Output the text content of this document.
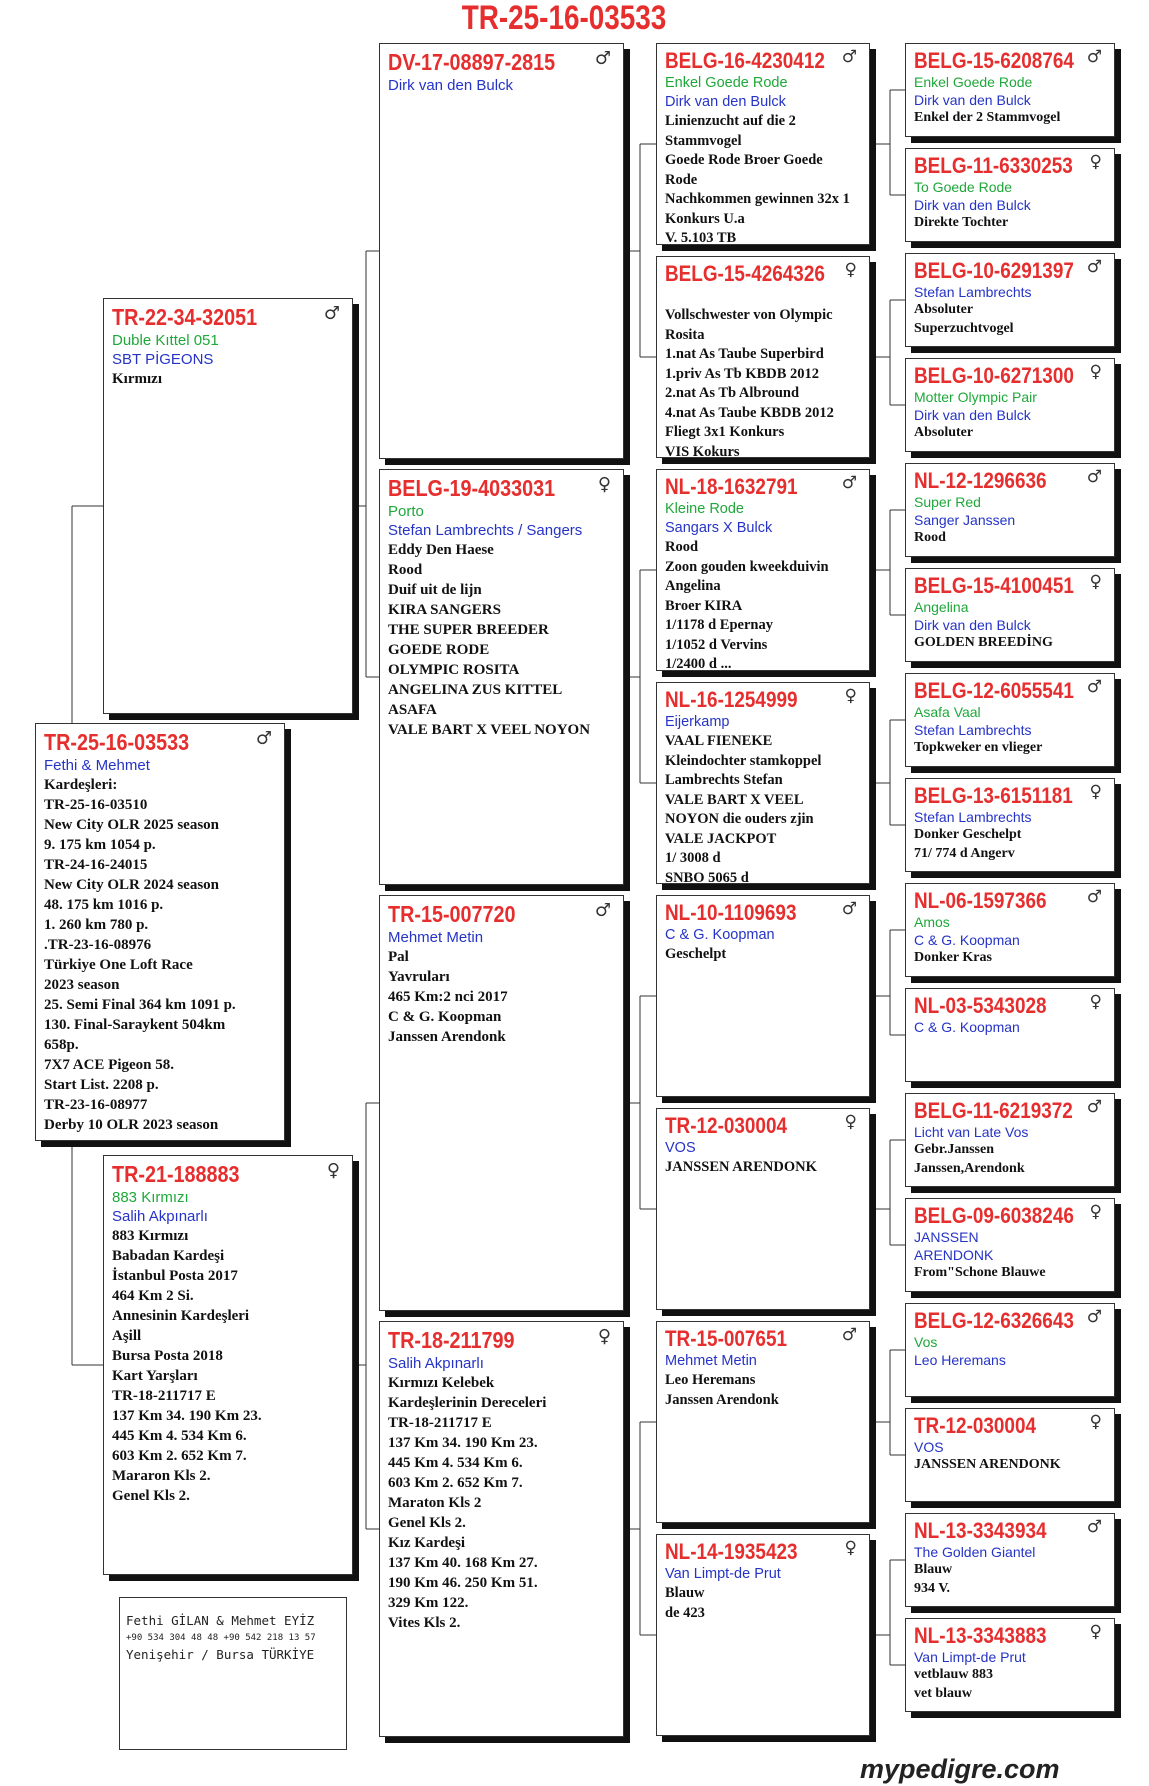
TR-25-16-03533
BELG-15-6208764 ♂
Enkel Goede Rode
Dirk van den Bulck
Enkel der 2 Stammvogel
BELG-11-6330253 ♀
To Goede Rode
Dirk van den Bulck
Direkte Tochter
BELG-10-6291397 ♂
Stefan Lambrechts
Absoluter
Superzuchtvogel
BELG-10-6271300 ♀
Motter Olympic Pair
Dirk van den Bulck
Absoluter
NL-12-1296636	♂
Super Red
Sanger Janssen
Rood
BELG-15-4100451 ♀
Angelina
Dirk van den Bulck
GOLDEN BREEDİNG
BELG-12-6055541 ♂
Asafa Vaal
Stefan Lambrechts
Topkweker en vlieger
BELG-13-6151181 ♀
Stefan Lambrechts
Donker Geschelpt
71/ 774 d Angerv
NL-06-1597366	♂
Amos
C & G. Koopman
Donker Kras
NL-03-5343028	♀
C & G. Koopman
BELG-11-6219372 ♂
Licht van Late Vos
Gebr.Janssen
Janssen,Arendonk
BELG-09-6038246 ♀
JANSSEN
ARENDONK
From"Schone Blauwe
BELG-12-6326643 ♂
Vos
Leo Heremans
TR-12-030004	♀
VOS
JANSSEN ARENDONK
NL-13-3343934	♂
The Golden Giantel
Blauw
934 V.
NL-13-3343883	♀
Van Limpt-de Prut
vetblauw 883
vet blauw
BELG-16-4230412 ♂
Enkel Goede Rode
Dirk van den Bulck
Linienzucht auf die 2
Stammvogel
Goede Rode Broer Goede
Rode
Nachkommen gewinnen 32x 1
Konkurs U.a
V. 5.103 TB
BELG-15-4264326	♀
Vollschwester von Olympic
Rosita
1.nat As Taube Superbird
1.priv As Tb KBDB 2012
2.nat As Tb Albround
4.nat As Taube KBDB 2012
Fliegt 3x1 Konkurs
VIS Kokurs
NL-18-1632791	♂
Kleine Rode
Sangars X Bulck
Rood
Zoon gouden kweekduivin
Angelina
Broer KIRA
1/1178 d Epernay
1/1052 d Vervins
1/2400 d ...
NL-16-1254999	♀
Eijerkamp
VAAL FIENEKE
Kleindochter stamkoppel
Lambrechts Stefan
VALE BART X VEEL
NOYON die ouders zjin
VALE JACKPOT
1/ 3008 d
SNBO 5065 d
NL-10-1109693	♂
C & G. Koopman
Geschelpt
TR-12-030004	♀
VOS
JANSSEN ARENDONK
TR-15-007651	♂
Mehmet Metin
Leo Heremans
Janssen Arendonk
NL-14-1935423	♀
Van Limpt-de Prut
Blauw
de 423
DV-17-08897-2815	♂
Dirk van den Bulck
BELG-19-4033031	♀
Porto
Stefan Lambrechts / Sangers
Eddy Den Haese
Rood
Duif uit de lijn
KIRA SANGERS
THE SUPER BREEDER
GOEDE RODE
OLYMPIC ROSITA
ANGELINA ZUS KITTEL
ASAFA
VALE BART X VEEL NOYON
TR-15-007720	♂
Mehmet Metin
Pal
Yavruları
465 Km:2 nci 2017
C & G. Koopman
Janssen Arendonk
TR-18-211799	♀
Salih Akpınarlı
Kırmızı Kelebek
Kardeşlerinin Dereceleri
TR-18-211717 E
137 Km 34. 190 Km 23.
445 Km 4. 534 Km 6.
603 Km 2. 652 Km 7.
Maraton Kls 2
Genel Kls 2.
Kız Kardeşi
137 Km 40. 168 Km 27.
190 Km 46. 250 Km 51.
329 Km 122.
Vites Kls 2.
TR-22-34-32051	♂
Duble Kıttel 051
SBT PİGEONS
Kırmızı
TR-21-188883	♀
883 Kırmızı
Salih Akpınarlı
883 Kırmızı
Babadan Kardeşi
İstanbul Posta 2017
464 Km 2 Si.
Annesinin Kardeşleri
Aşill
Bursa Posta 2018
Kart Yarşları
TR-18-211717 E
137 Km 34. 190 Km 23.
445 Km 4. 534 Km 6.
603 Km 2. 652 Km 7.
Mararon Kls 2.
Genel Kls 2.
TR-25-16-03533	♂
Fethi & Mehmet
Kardeşleri:
TR-25-16-03510
New City OLR 2025 season
9. 175 km 1054 p.
TR-24-16-24015
New City OLR 2024 season
48. 175 km 1016 p.
1. 260 km 780 p.
.TR-23-16-08976
Türkiye One Loft Race
2023 season
25. Semi Final 364 km 1091 p.
130. Final-Saraykent 504km
658p.
7X7 ACE Pigeon 58.
Start List. 2208 p.
TR-23-16-08977
Derby 10 OLR 2023 season
Fethi GİLAN & Mehmet EYİZ
+90 534 304 48 48 +90 542 218 13 57
Yenişehir / Bursa TÜRKİYE
mypedigre.com
